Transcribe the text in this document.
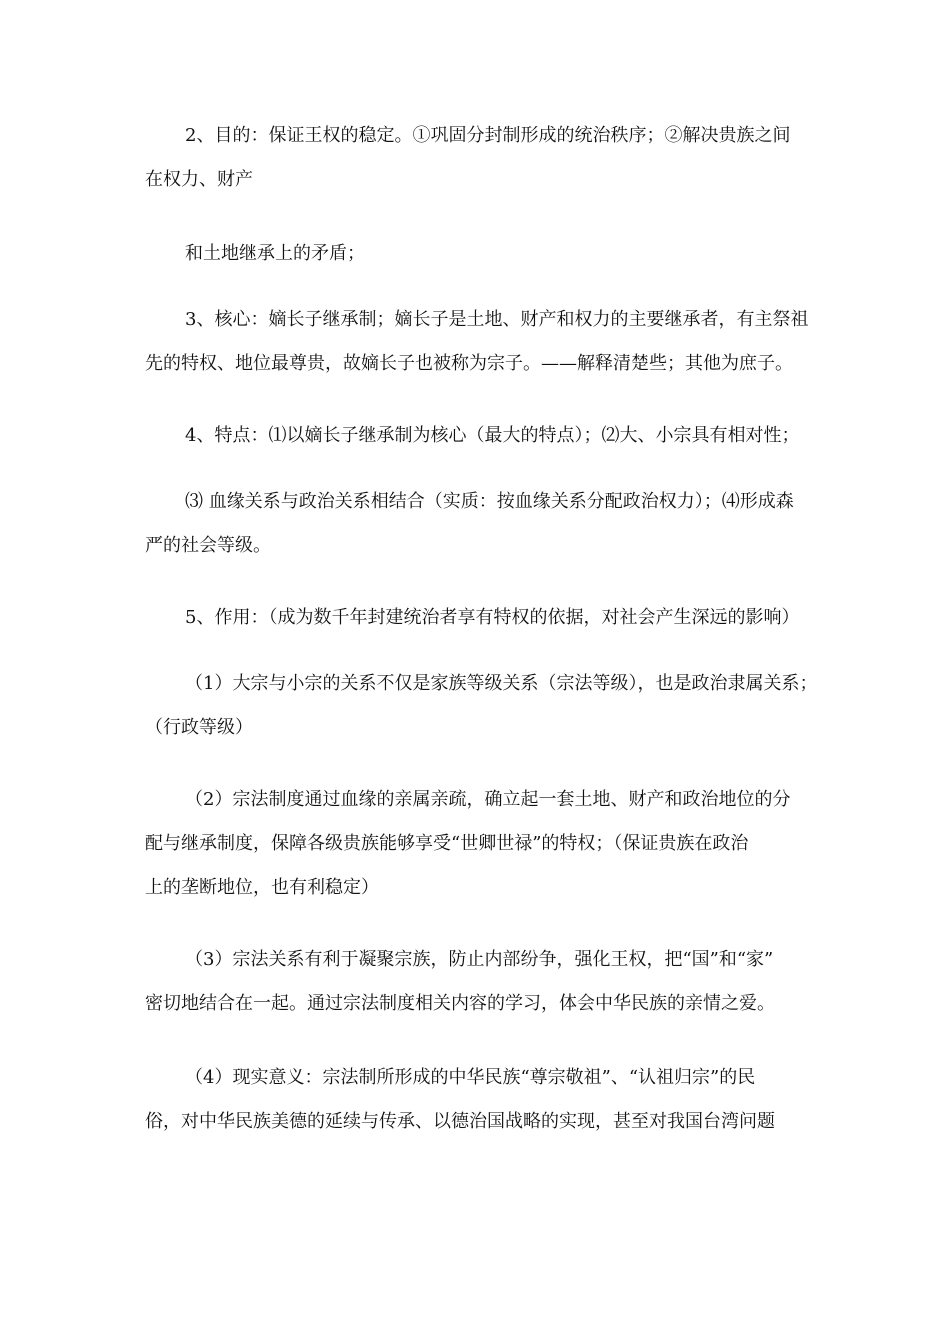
2、目的：保证王权的稳定。①巩固分封制形成的统治秩序；②解决贵族之间
在权力、财产

和土地继承上的矛盾；

3、核心：嫡长子继承制；嫡长子是土地、财产和权力的主要继承者，有主祭祖
先的特权、地位最尊贵，故嫡长子也被称为宗子。——解释清楚些；其他为庶子。

4、特点：⑴以嫡长子继承制为核心（最大的特点）；⑵大、小宗具有相对性；

⑶ 血缘关系与政治关系相结合（实质：按血缘关系分配政治权力）；⑷形成森
严的社会等级。

5、作用：（成为数千年封建统治者享有特权的依据，对社会产生深远的影响）

（1）大宗与小宗的关系不仅是家族等级关系（宗法等级），也是政治隶属关系；
（行政等级）

（2）宗法制度通过血缘的亲属亲疏，确立起一套土地、财产和政治地位的分
配与继承制度，保障各级贵族能够享受“世卿世禄”的特权；（保证贵族在政治
上的垄断地位，也有利稳定）

（3）宗法关系有利于凝聚宗族，防止内部纷争，强化王权，把“国”和“家”
密切地结合在一起。通过宗法制度相关内容的学习，体会中华民族的亲情之爱。

（4）现实意义：宗法制所形成的中华民族“尊宗敬祖”、“认祖归宗”的民
俗，对中华民族美德的延续与传承、以德治国战略的实现，甚至对我国台湾问题
